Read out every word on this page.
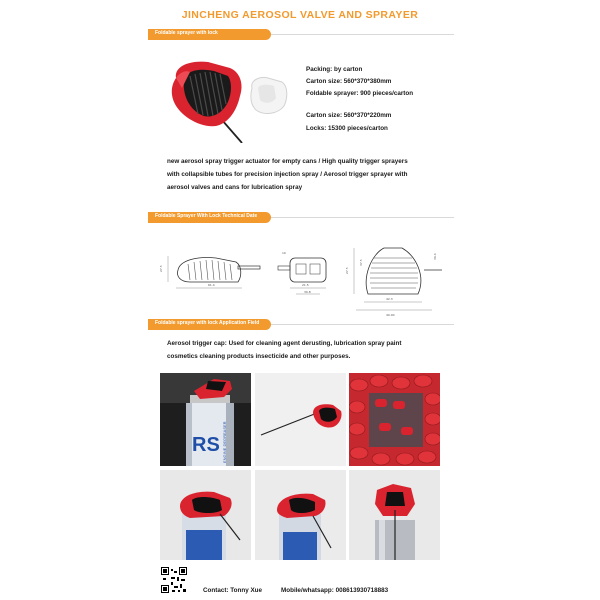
JINCHENG AEROSOL VALVE AND SPRAYER
Foldable sprayer with lock
Packing: by carton
Carton size: 560*370*380mm
Foldable sprayer: 900 pieces/carton
Carton size: 560*370*220mm
Locks: 15300 pieces/carton
new aerosol spray trigger actuator for empty cans / High quality trigger sprayers
with collapsible tubes for precision injection spray / Aerosol trigger sprayer with
aerosol valves and cans for lubrication spray
Foldable Sprayer With Lock Technical Date
61.4
27.5
21.5
30.8
10
27.5
37.5
36.4
42.3
40.00
Foldable sprayer with lock Application Field
Aerosol trigger cap: Used for cleaning agent derusting, lubrication spray paint
cosmetics cleaning products insecticide and other purposes.
RS ENGINE DEGREASER
Contact: Tonny Xue	Mobile/whatsapp: 008613930718883
